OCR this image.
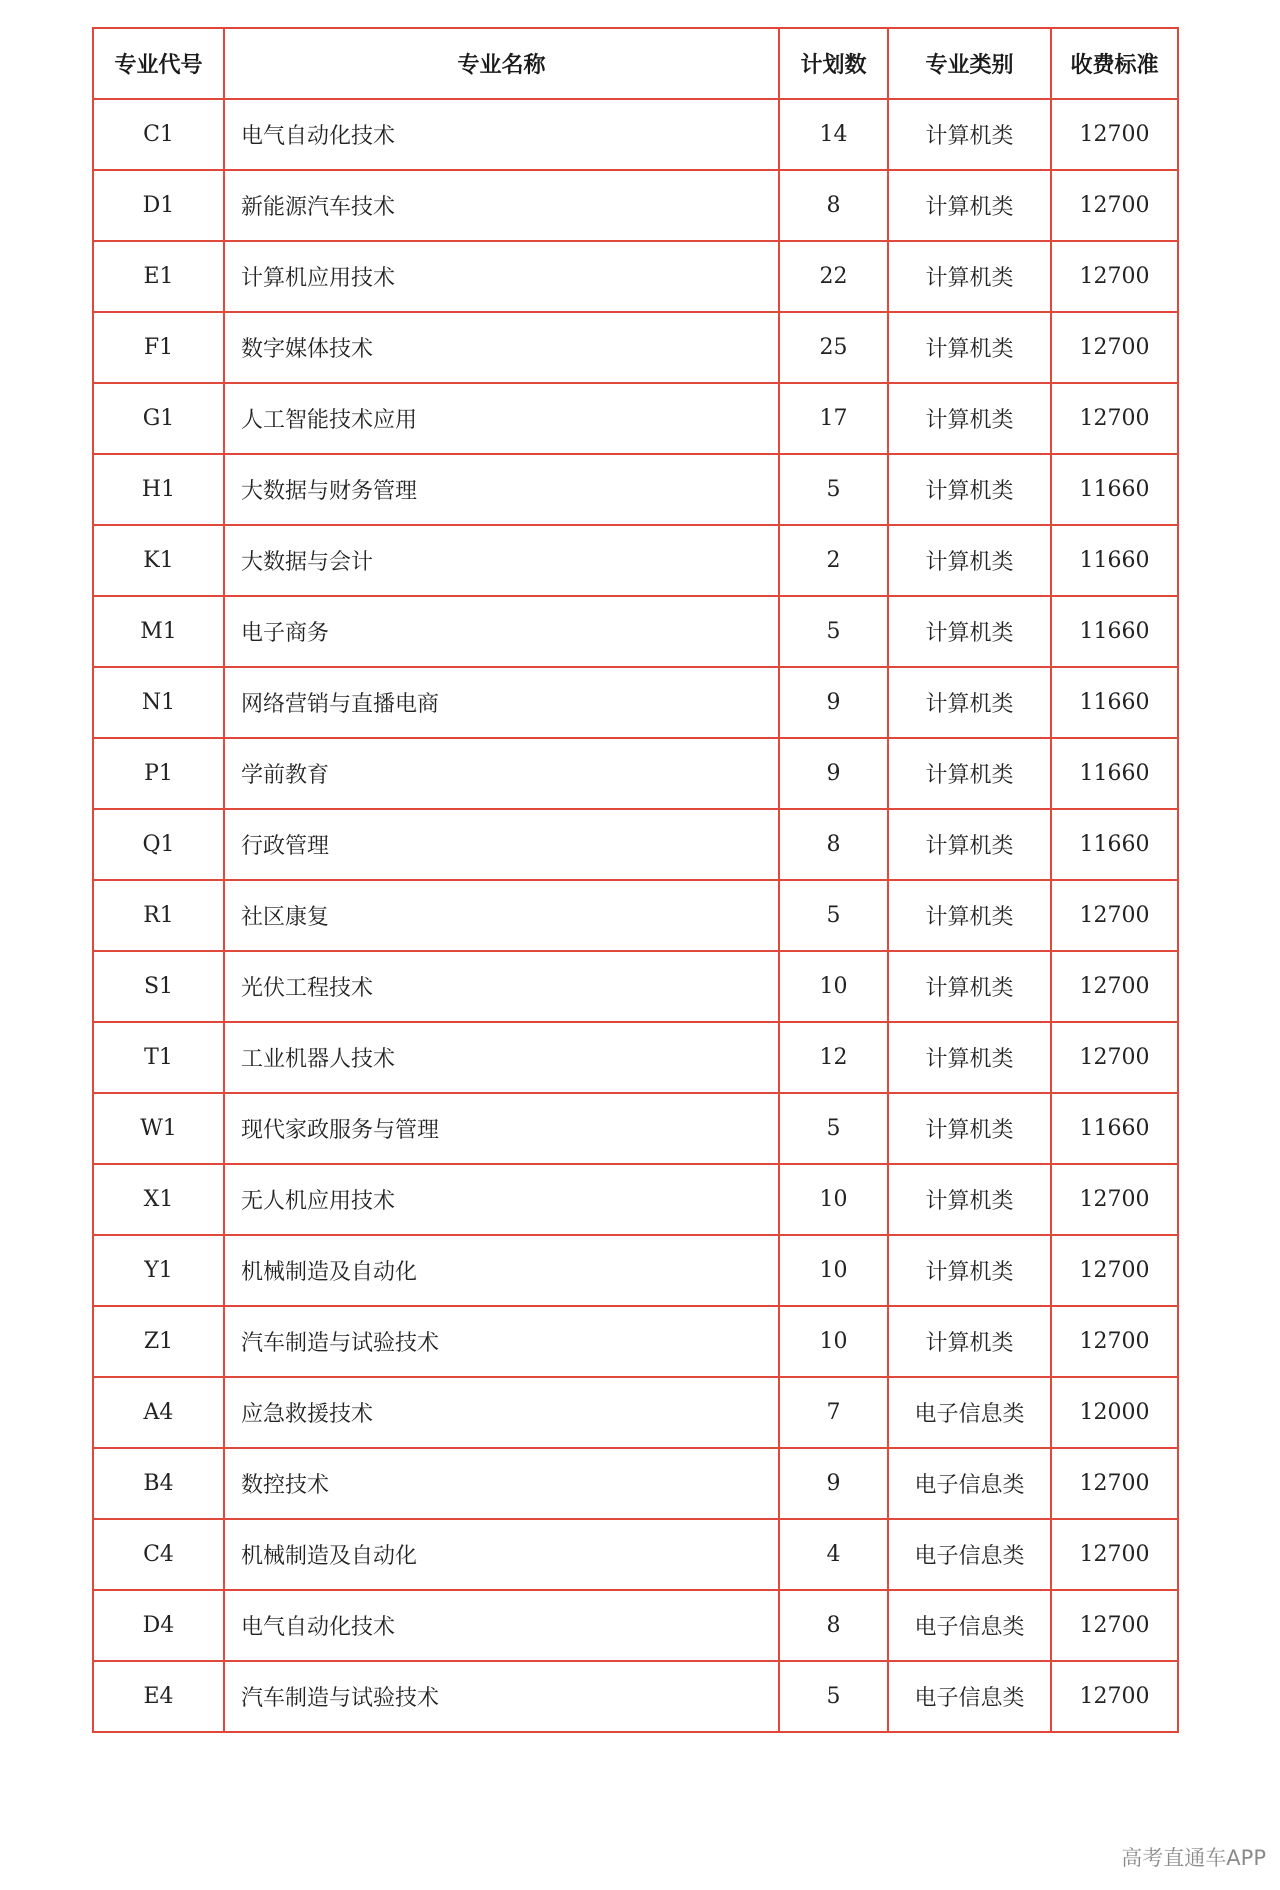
专业代号	专业名称	计划数	专业类别	收费标准
C1	电气自动化技术	14	计算机类	12700
D1	新能源汽车技术	8	计算机类	12700
E1	计算机应用技术	22	计算机类	12700
F1	数字媒体技术	25	计算机类	12700
G1	人工智能技术应用	17	计算机类	12700
H1	大数据与财务管理	5	计算机类	11660
K1	大数据与会计	2	计算机类	11660
M1	电子商务	5	计算机类	11660
N1	网络营销与直播电商	9	计算机类	11660
P1	学前教育	9	计算机类	11660
Q1	行政管理	8	计算机类	11660
R1	社区康复	5	计算机类	12700
S1	光伏工程技术	10	计算机类	12700
T1	工业机器人技术	12	计算机类	12700
W1	现代家政服务与管理	5	计算机类	11660
X1	无人机应用技术	10	计算机类	12700
Y1	机械制造及自动化	10	计算机类	12700
Z1	汽车制造与试验技术	10	计算机类	12700
A4	应急救援技术	7	电子信息类	12000
B4	数控技术	9	电子信息类	12700
C4	机械制造及自动化	4	电子信息类	12700
D4	电气自动化技术	8	电子信息类	12700
E4	汽车制造与试验技术	5	电子信息类	12700
高考直通车APP
